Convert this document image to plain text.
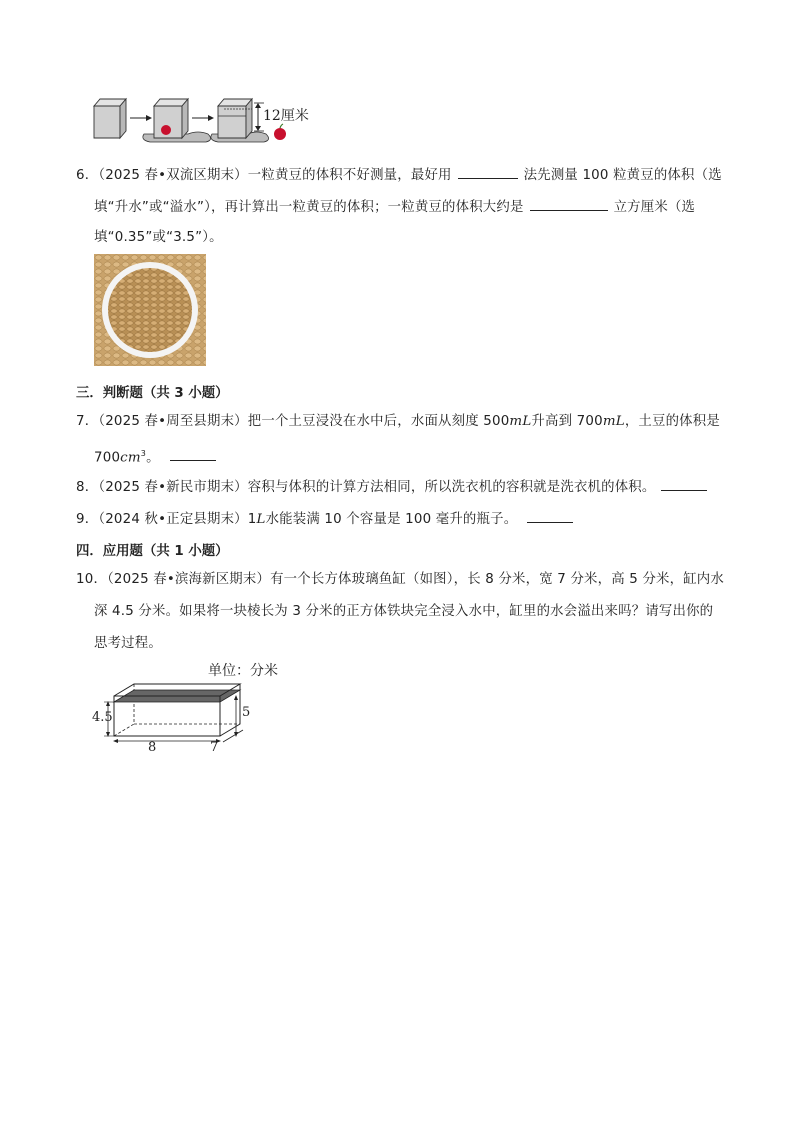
12厘米
6．（2025 春•双流区期末）一粒黄豆的体积不好测量，最好用	法先测量 100 粒黄豆的体积（选
填“升水”或“溢水”），再计算出一粒黄豆的体积；一粒黄豆的体积大约是	立方厘米（选
填“0.35”或“3.5”）。
三．判断题（共 3 小题）
7．（2025 春•周至县期末）把一个土豆浸没在水中后，水面从刻度 500mL升高到 700mL，土豆的体积是
$700cm^3$。
8．（2025 春•新民市期末）容积与体积的计算方法相同，所以洗衣机的容积就是洗衣机的体积。
9．（2024 秋•正定县期末）1L水能装满 10 个容量是 100 毫升的瓶子。
四．应用题（共 1 小题）
10．（2025 春•滨海新区期末）有一个长方体玻璃鱼缸（如图），长 8 分米，宽 7 分米，高 5 分米，缸内水
深 4.5 分米。如果将一块棱长为 3 分米的正方体铁块完全浸入水中，缸里的水会溢出来吗？请写出你的
思考过程。
单位：分米
4.5	5
8	7
